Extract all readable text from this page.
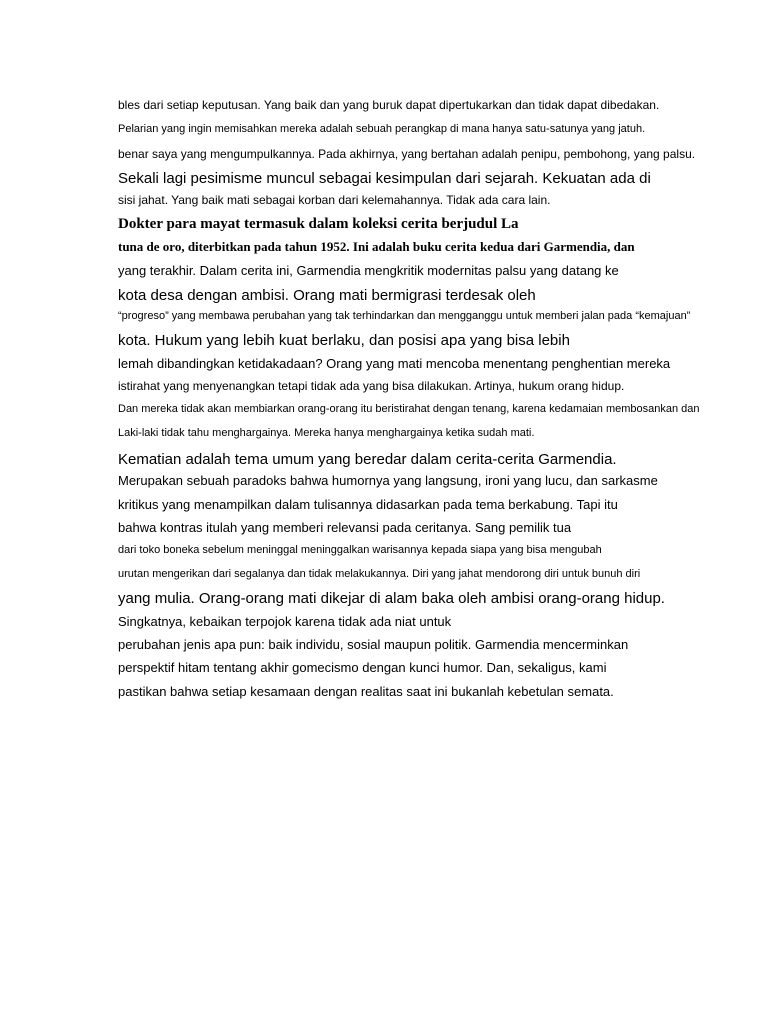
bles dari setiap keputusan. Yang baik dan yang buruk dapat dipertukarkan dan tidak dapat dibedakan.
Pelarian yang ingin memisahkan mereka adalah sebuah perangkap di mana hanya satu-satunya yang jatuh.
benar saya yang mengumpulkannya. Pada akhirnya, yang bertahan adalah penipu, pembohong, yang palsu.
Sekali lagi pesimisme muncul sebagai kesimpulan dari sejarah. Kekuatan ada di
sisi jahat. Yang baik mati sebagai korban dari kelemahannya. Tidak ada cara lain.
Dokter para mayat termasuk dalam koleksi cerita berjudul La
tuna de oro, diterbitkan pada tahun 1952. Ini adalah buku cerita kedua dari Garmendia, dan
yang terakhir. Dalam cerita ini, Garmendia mengkritik modernitas palsu yang datang ke
kota desa dengan ambisi. Orang mati bermigrasi terdesak oleh
“progreso” yang membawa perubahan yang tak terhindarkan dan mengganggu untuk memberi jalan pada “kemajuan”
kota. Hukum yang lebih kuat berlaku, dan posisi apa yang bisa lebih
lemah dibandingkan ketidakadaan? Orang yang mati mencoba menentang penghentian mereka
istirahat yang menyenangkan tetapi tidak ada yang bisa dilakukan. Artinya, hukum orang hidup.
Dan mereka tidak akan membiarkan orang-orang itu beristirahat dengan tenang, karena kedamaian membosankan dan
Laki-laki tidak tahu menghargainya. Mereka hanya menghargainya ketika sudah mati.
Kematian adalah tema umum yang beredar dalam cerita-cerita Garmendia.
Merupakan sebuah paradoks bahwa humornya yang langsung, ironi yang lucu, dan sarkasme
kritikus yang menampilkan dalam tulisannya didasarkan pada tema berkabung. Tapi itu
bahwa kontras itulah yang memberi relevansi pada ceritanya. Sang pemilik tua
dari toko boneka sebelum meninggal meninggalkan warisannya kepada siapa yang bisa mengubah
urutan mengerikan dari segalanya dan tidak melakukannya. Diri yang jahat mendorong diri untuk bunuh diri
yang mulia. Orang-orang mati dikejar di alam baka oleh ambisi orang-orang hidup.
Singkatnya, kebaikan terpojok karena tidak ada niat untuk
perubahan jenis apa pun: baik individu, sosial maupun politik. Garmendia mencerminkan
perspektif hitam tentang akhir gomecismo dengan kunci humor. Dan, sekaligus, kami
pastikan bahwa setiap kesamaan dengan realitas saat ini bukanlah kebetulan semata.
